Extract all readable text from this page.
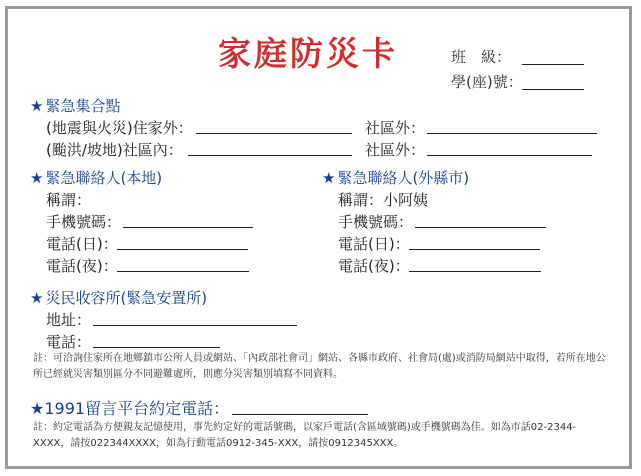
家庭防災卡	班　級：
學(座)號：
★ 緊急集合點
(地震與火災)住家外：	社區外：
(颱洪/坡地)社區內：	社區外：
★ 緊急聯絡人(本地)
稱謂：
手機號碼：
電話(日)：
電話(夜)：
★ 緊急聯絡人(外縣市)
稱謂：小阿姨
手機號碼：
電話(日)：
電話(夜)：
★ 災民收容所(緊急安置所)
地址：
電話：
註：可洽詢住家所在地鄉鎮市公所人員或網站、「內政部社會司」網站、各縣市政府、社會局(處)或消防局網站中取得，若所在地公所已經就災害類別區分不同避難處所，則應分災害類別填寫不同資料。
★1991留言平台約定電話：
註：約定電話為方便親友記憶使用，事先約定好的電話號碼，以家戶電話(含區域號碼)或手機號碼為佳。如為市話02-2344-XXXX，請按022344XXXX，如為行動電話0912-345-XXX，請按0912345XXX。
